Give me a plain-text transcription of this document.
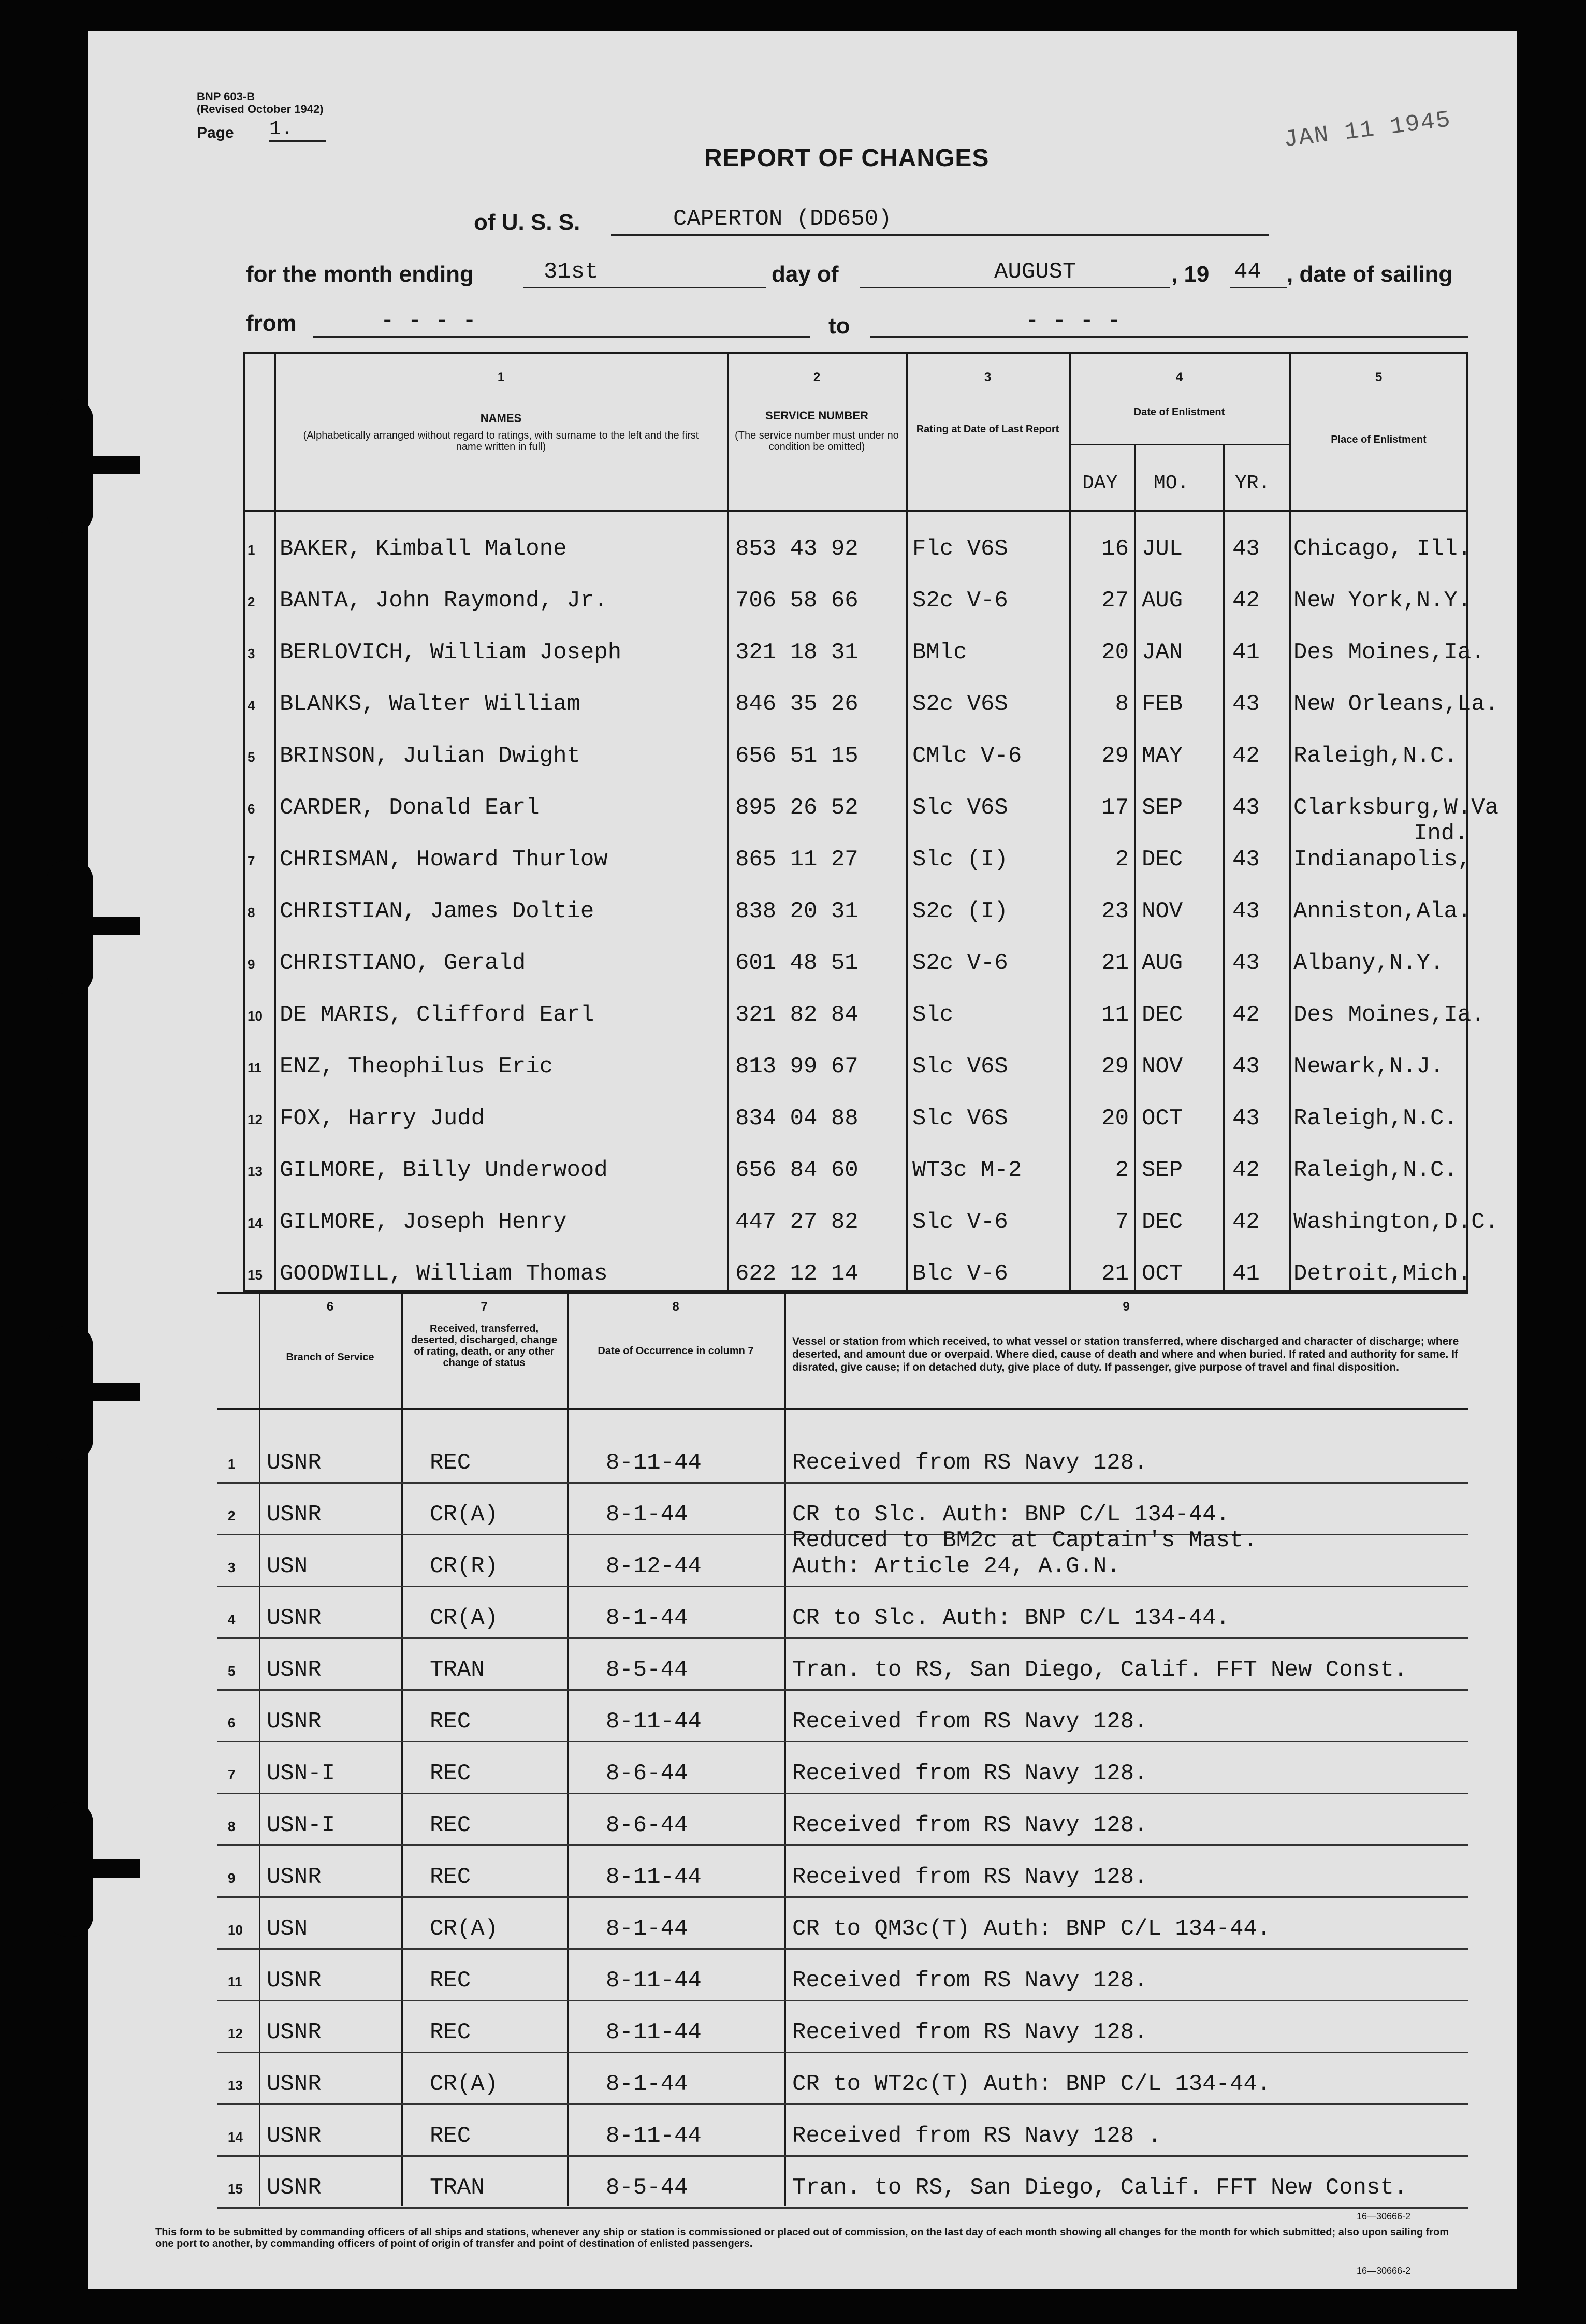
BNP 603-B
(Revised October 1942)
Page 1.	JAN 11 1945
REPORT OF CHANGES
of U. S. S.	CAPERTON (DD650)
for the month ending	31st	day of	AUGUST	, 19 44 , date of sailing
from	- - - -	to	- - - -
1	2	3	4	5
NAMES
(Alphabetically arranged without regard to ratings, with surname to the left and the first name written in full)
SERVICE NUMBER
(The service number must under no condition be omitted)
Rating at Date of Last Report
Date of Enlistment
DAY MO. YR.
Place of Enlistment
1 BAKER, Kimball Malone	853 43 92 Flc V6S	16 JUL 43 Chicago, Ill.
2 BANTA, John Raymond, Jr.	706 58 66 S2c V-6	27 AUG 42 New York,N.Y.
3 BERLOVICH, William Joseph	321 18 31 BMlc	20 JAN 41 Des Moines,Ia.
4 BLANKS, Walter William	846 35 26 S2c V6S	8 FEB 43 New Orleans,La.
5 BRINSON, Julian Dwight	656 51 15 CMlc V-6	29 MAY 42 Raleigh,N.C.
6 CARDER, Donald Earl	895 26 52 Slc V6S	17 SEP 43 Clarksburg,W.Va
7 CHRISMAN, Howard Thurlow	865 11 27 Slc (I)	2 DEC 43 Indianapolis,
Ind.
8 CHRISTIAN, James Doltie	838 20 31 S2c (I)	23 NOV 43 Anniston,Ala.
9 CHRISTIANO, Gerald	601 48 51 S2c V-6	21 AUG 43 Albany,N.Y.
10 DE MARIS, Clifford Earl	321 82 84 Slc	11 DEC 42 Des Moines,Ia.
11 ENZ, Theophilus Eric	813 99 67 Slc V6S	29 NOV 43 Newark,N.J.
12 FOX, Harry Judd	834 04 88 Slc V6S	20 OCT 43 Raleigh,N.C.
13 GILMORE, Billy Underwood	656 84 60 WT3c M-2	2 SEP 42 Raleigh,N.C.
14 GILMORE, Joseph Henry	447 27 82 Slc V-6	7 DEC 42 Washington,D.C.
15 GOODWILL, William Thomas	622 12 14 Blc V-6	21 OCT 41 Detroit,Mich.
6	7	8	9
Branch of Service
Received, transferred, deserted, discharged, change of rating, death, or any other change of status
Date of Occurrence in column 7
Vessel or station from which received, to what vessel or station transferred, where discharged and character of discharge; where deserted, and amount due or overpaid. Where died, cause of death and where and when buried. If rated and authority for same. If disrated, give cause; if on detached duty, give place of duty. If passenger, give purpose of travel and final disposition.
1 USNR	REC	8-11-44	Received from RS Navy 128.
2 USNR	CR(A)	8-1-44	CR to Slc. Auth: BNP C/L 134-44.
3 USN	CR(R)	8-12-44	Auth: Article 24, A.G.N.
Reduced to BM2c at Captain's Mast.
4 USNR	CR(A)	8-1-44	CR to Slc. Auth: BNP C/L 134-44.
5 USNR	TRAN	8-5-44	Tran. to RS, San Diego, Calif. FFT New Const.
6 USNR	REC	8-11-44	Received from RS Navy 128.
7 USN-I	REC	8-6-44	Received from RS Navy 128.
8 USN-I	REC	8-6-44	Received from RS Navy 128.
9 USNR	REC	8-11-44	Received from RS Navy 128.
10 USN	CR(A)	8-1-44	CR to QM3c(T) Auth: BNP C/L 134-44.
11 USNR	REC	8-11-44	Received from RS Navy 128.
12 USNR	REC	8-11-44	Received from RS Navy 128.
13 USNR	CR(A)	8-1-44	CR to WT2c(T) Auth: BNP C/L 134-44.
14 USNR	REC	8-11-44	Received from RS Navy 128 .
15 USNR	TRAN	8-5-44	Tran. to RS, San Diego, Calif. FFT New Const.
16—30666-2
This form to be submitted by commanding officers of all ships and stations, whenever any ship or station is commissioned or placed out of commission, on the last day of each month showing all changes for the month for which submitted; also upon sailing from one port to another, by commanding officers of point of origin of transfer and point of destination of enlisted passengers.
16—30666-2
